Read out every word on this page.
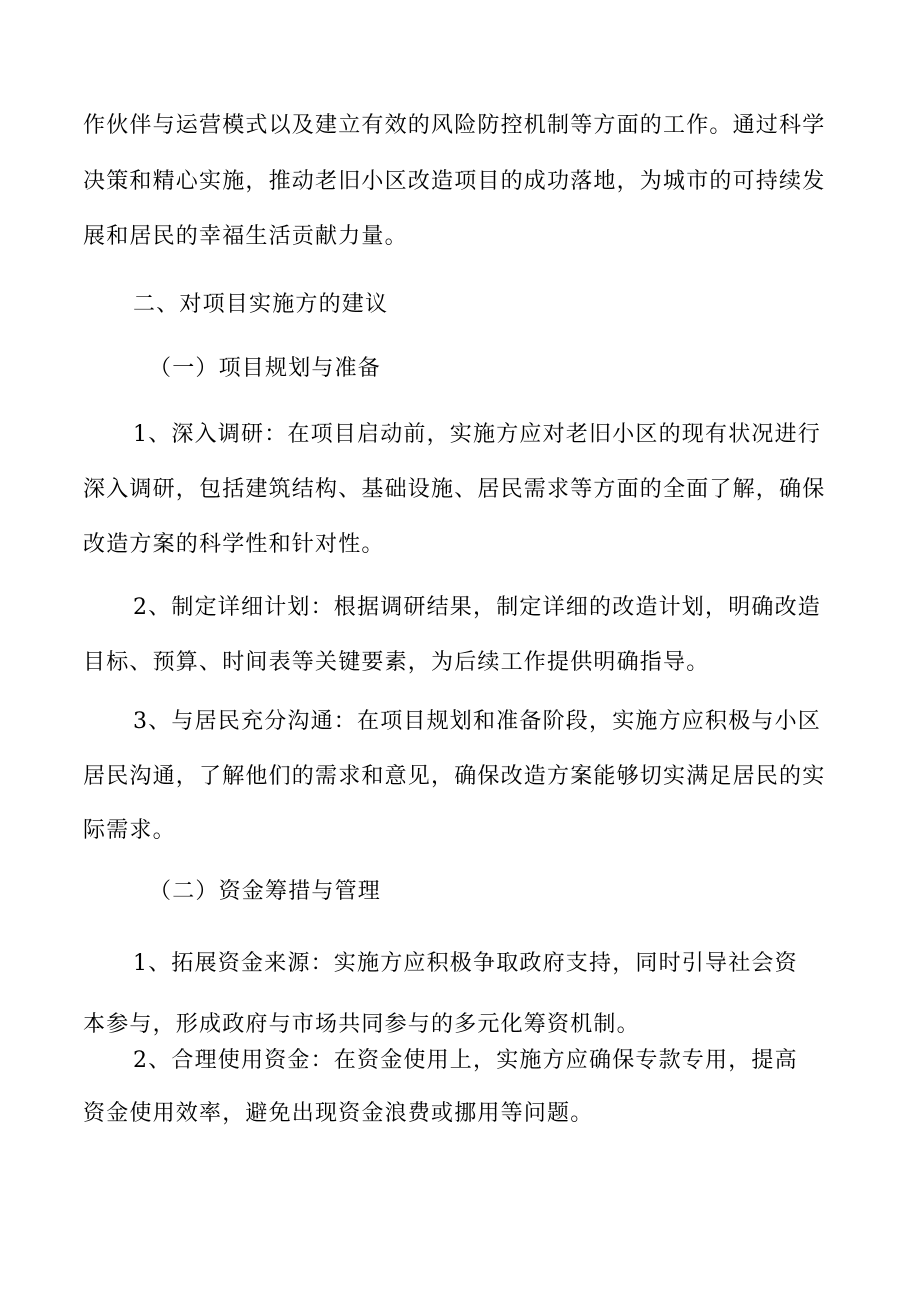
作伙伴与运营模式以及建立有效的风险防控机制等方面的工作。通过科学

决策和精心实施，推动老旧小区改造项目的成功落地，为城市的可持续发

展和居民的幸福生活贡献力量。

二、对项目实施方的建议

（一）项目规划与准备

1、深入调研：在项目启动前，实施方应对老旧小区的现有状况进行

深入调研，包括建筑结构、基础设施、居民需求等方面的全面了解，确保

改造方案的科学性和针对性。

2、制定详细计划：根据调研结果，制定详细的改造计划，明确改造

目标、预算、时间表等关键要素，为后续工作提供明确指导。

3、与居民充分沟通：在项目规划和准备阶段，实施方应积极与小区

居民沟通，了解他们的需求和意见，确保改造方案能够切实满足居民的实

际需求。

（二）资金筹措与管理

1、拓展资金来源：实施方应积极争取政府支持，同时引导社会资

本参与，形成政府与市场共同参与的多元化筹资机制。

2、合理使用资金：在资金使用上，实施方应确保专款专用，提高

资金使用效率，避免出现资金浪费或挪用等问题。
